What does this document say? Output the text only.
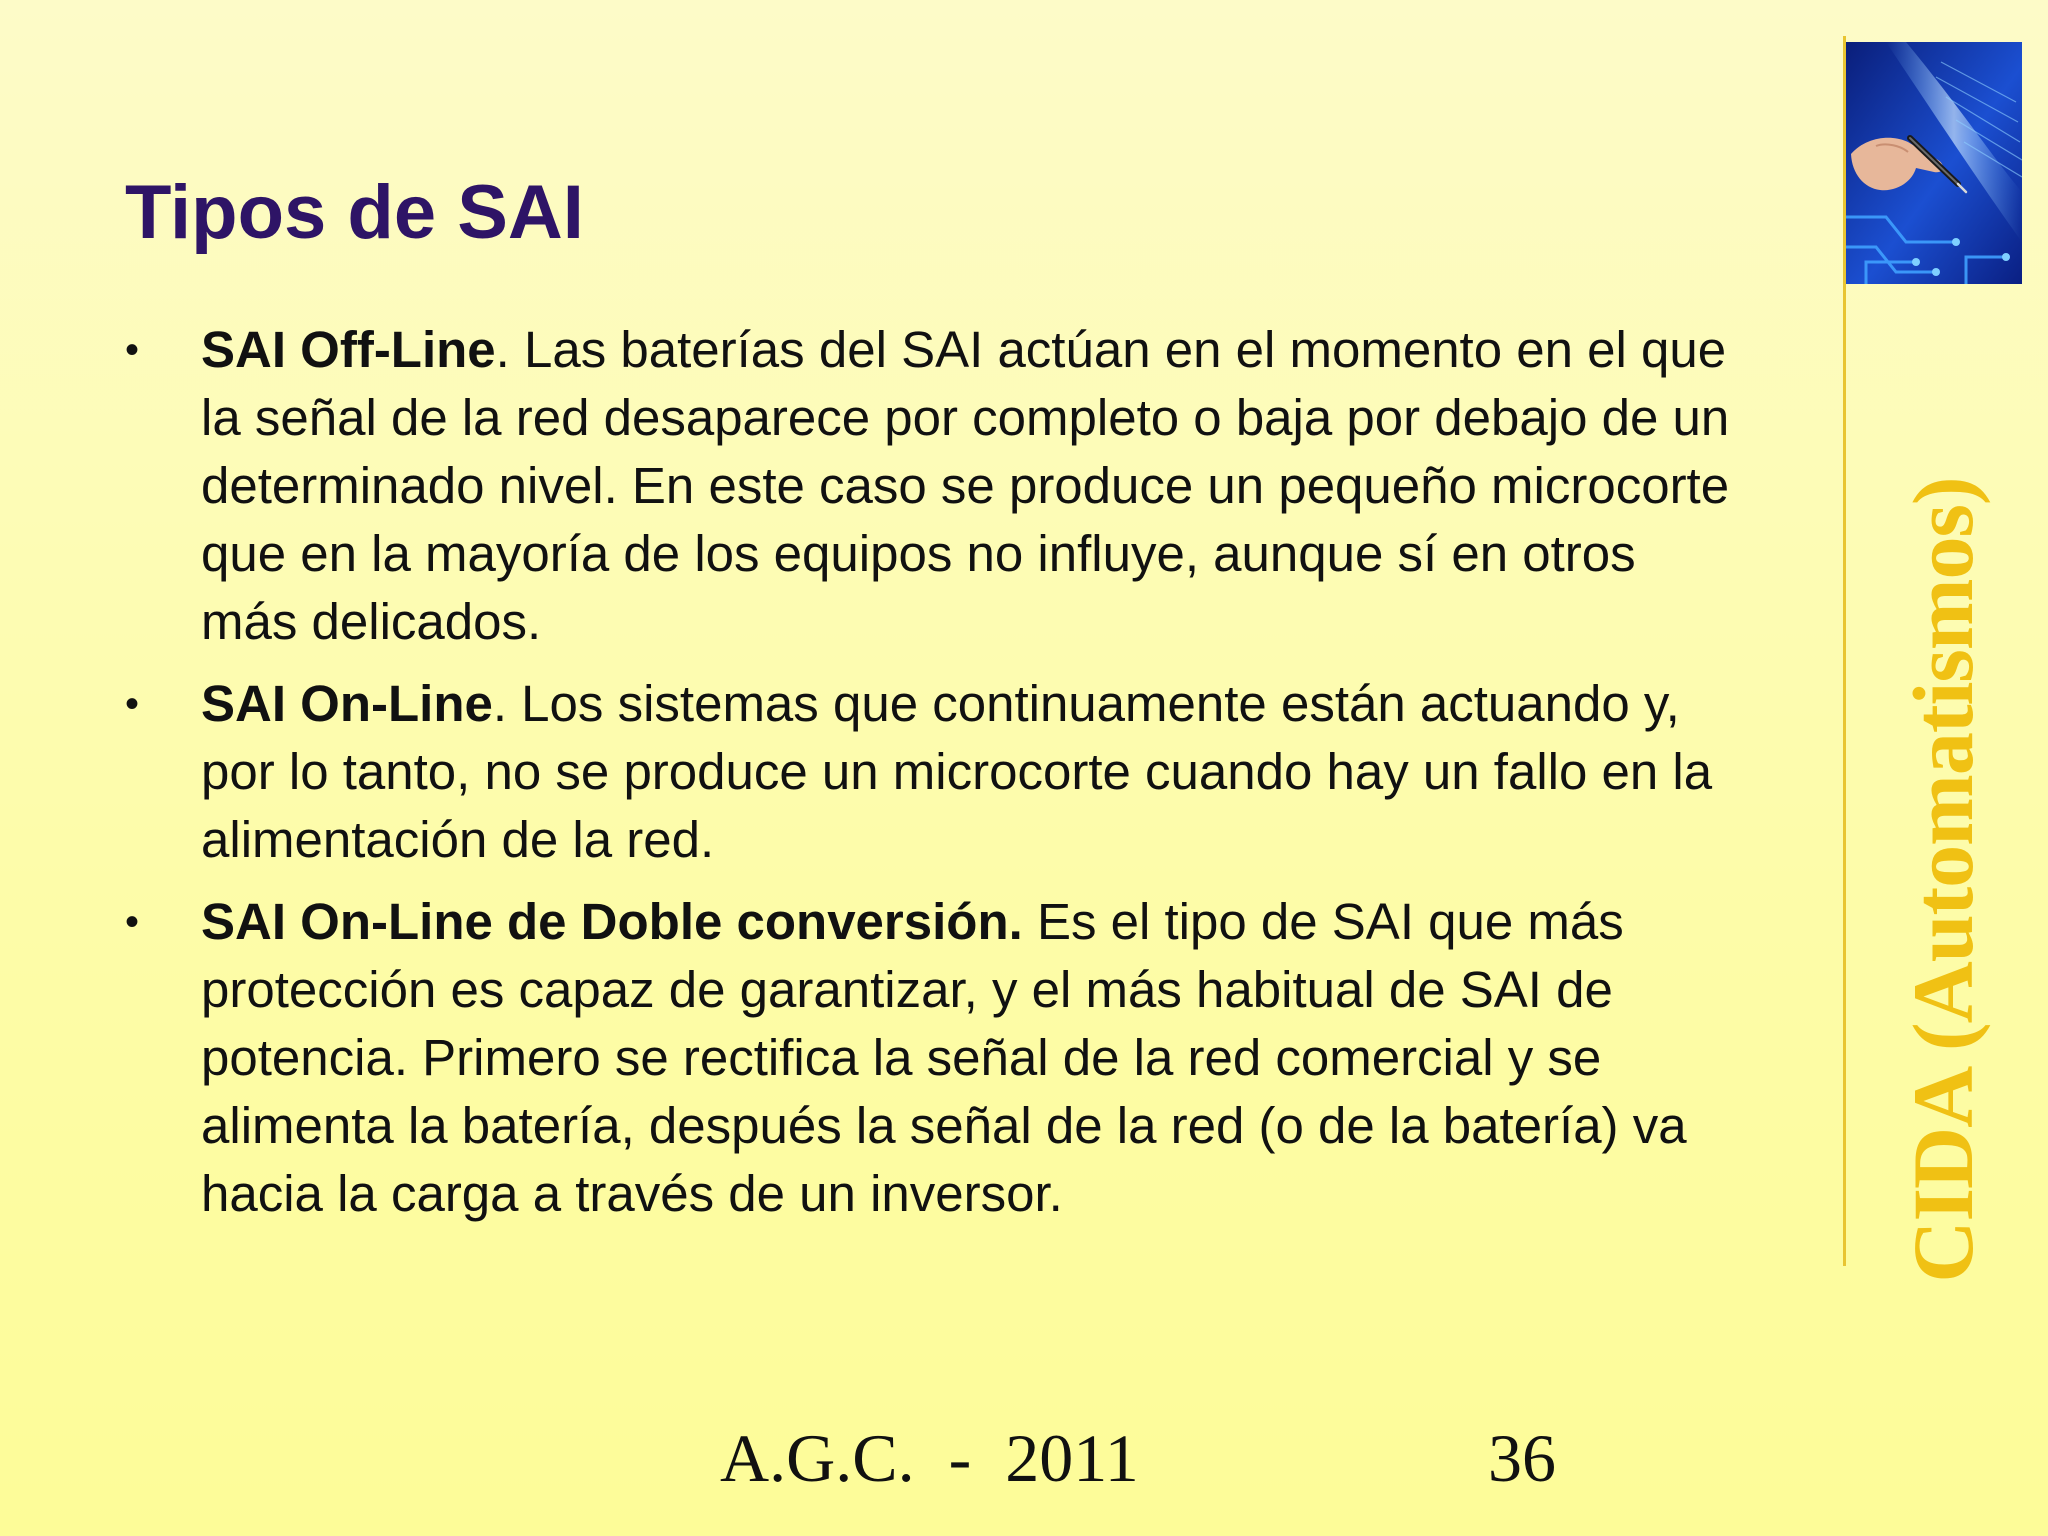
Tipos de SAI
•	SAI Off-Line. Las baterías del SAI actúan en el momento en el que la señal de la red desaparece por completo o baja por debajo de un determinado nivel. En este caso se produce un pequeño microcorte que en la mayoría de los equipos no influye, aunque sí en otros más delicados.
•	SAI On-Line. Los sistemas que continuamente están actuando y, por lo tanto, no se produce un microcorte cuando hay un fallo en la alimentación de la red.
•	SAI On-Line de Doble conversión. Es el tipo de SAI que más protección es capaz de garantizar, y el más habitual de SAI de potencia. Primero se rectifica la señal de la red comercial y se alimenta la batería, después la señal de la red (o de la batería) va hacia la carga a través de un inversor.	CIDA (Automatismos)
A.G.C.  -  2011	36
